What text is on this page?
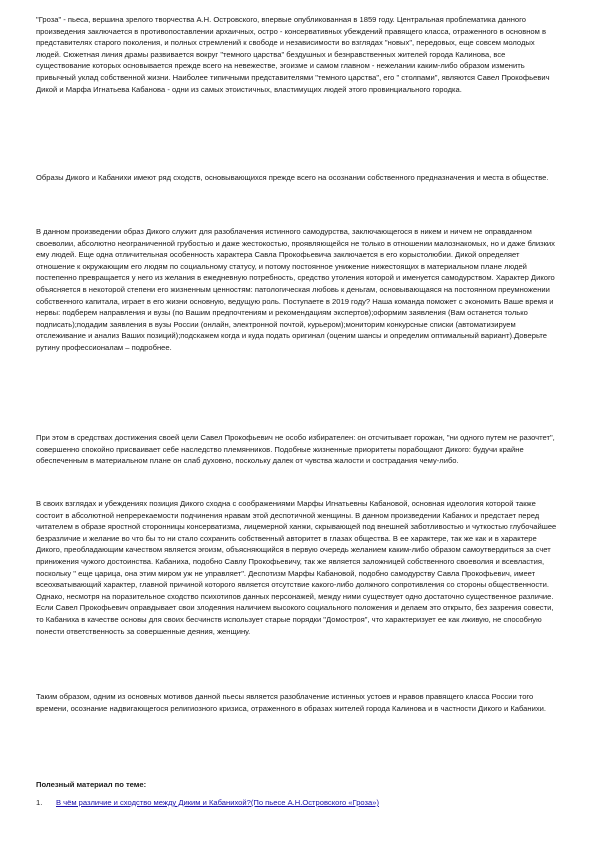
"Гроза" - пьеса, вершина зрелого творчества А.Н. Островского, впервые опубликованная в 1859 году. Центральная проблематика данного произведения заключается в противопоставлении архаичных, остро - консервативных убеждений правящего класса, отраженного в основном в представителях старого поколения, и полных стремлений к свободе и независимости во взглядах "новых", передовых, еще совсем молодых людей. Сюжетная линия драмы развивается вокруг "темного царства" бездушных и безнравственных жителей города Калинова, все существование которых основывается прежде всего на невежестве, эгоизме и самом главном - нежелании каким-либо образом изменить привычный уклад собственной жизни. Наиболее типичными представителями "темного царства", его " столпами", являются Савел Прокофьевич Дикой и Марфа Игнатьева Кабанова - одни из самых этоистичных, властимущих людей этого провинциального городка.

Образы Дикого и Кабанихи имеют ряд сходств, основывающихся прежде всего на осознании собственного предназначения и места в обществе.

В данном произведении образ Дикого служит для разоблачения истинного самодурства, заключающегося в никем и ничем не оправданном своеволии, абсолютно неограниченной грубостью и даже жестокостью, проявляющейся не только в отношении малознакомых, но и даже близких ему людей. Еще одна отличительная особенность характера Савла Прокофьевича заключается в его корыстолюбии. Дикой определяет отношение к окружающим его людям по социальному статусу, и потому постоянное унижение нижестоящих в материальном плане людей постепенно превращается у него из желания в ежедневную потребность, средство утоления которой и именуется самодурством. Характер Дикого объясняется в некоторой степени его жизненным ценностям: патологическая любовь к деньгам, основывающаяся на постоянном преумножении собственного капитала, играет в его жизни основную, ведущую роль. Поступаете в 2019 году? Наша команда поможет с экономить Ваше время и нервы: подберем направления и вузы (по Вашим предпочтениям и рекомендациям экспертов);оформим заявления (Вам останется только подписать);подадим заявления в вузы России (онлайн, электронной почтой, курьером);мониторим конкурсные списки (автоматизируем отслеживание и анализ Ваших позиций);подскажем когда и куда подать оригинал (оценим шансы и определим оптимальный вариант).Доверьте рутину профессионалам – подробнее.

При этом в средствах достижения своей цели Савел Прокофьевич не особо избирателен: он отсчитывает горожан, "ни одного путем не разочтет", совершенно спокойно присваивает себе наследство племянников. Подобные жизненные приоритеты порабощают Дикого: будучи крайне обеспеченным в материальном плане он слаб духовно, поскольку далек от чувства жалости и сострадания чему-либо.

В своих взглядах и убеждениях позиция Дикого сходна с соображениями Марфы Игнатьевны Кабановой, основная идеология которой также состоит в абсолютной непререкаемости подчинения нравам этой деспотичной женщины. В данном произведении Кабаних и предстает перед читателем в образе яростной сторонницы консерватизма, лицемерной ханжи, скрывающей под внешней заботливостью и чуткостью глубочайшее безразличие и желание во что бы то ни стало сохранить собственный авторитет в глазах общества. В ее характере, так же как и в характере Дикого, преобладающим качеством является эгоизм, объясняющийся в первую очередь желанием каким-либо образом самоутвердиться за счет принижения чужого достоинства. Кабаниха, подобно Савлу Прокофьевичу, так же является заложницей собственного своеволия и всевластия, поскольку " еще царица, она этим миром уж не управляет". Деспотизм Марфы Кабановой, подобно самодурству Савла Прокофьевич, имеет всеохватывающий характер, главной причиной которого является отсутствие какого-либо должного сопротивления со стороны общественности. Однако, несмотря на поразительное сходство психотипов данных персонажей, между ними существует одно достаточно существенное различие. Если Савел Прокофьевич оправдывает свои злодеяния наличием высокого социального положения и делаем это открыто, без зазрения совести, то Кабаниха в качестве основы для своих бесчинств использует старые порядки "Домостроя", что характеризует ее как лживую, не способную понести ответственность за совершенные деяния, женщину.

Таким образом, одним из основных мотивов данной пьесы является разоблачение истинных устоев и нравов правящего класса России того времени, осознание надвигающегося религиозного кризиса, отраженного в образах жителей города Калинова и в частности Дикого и Кабанихи.

Полезный материал по теме:

1.	В чём различие и сходство между Диким и Кабанихой?(По пьесе А.Н.Островского «Гроза»)
